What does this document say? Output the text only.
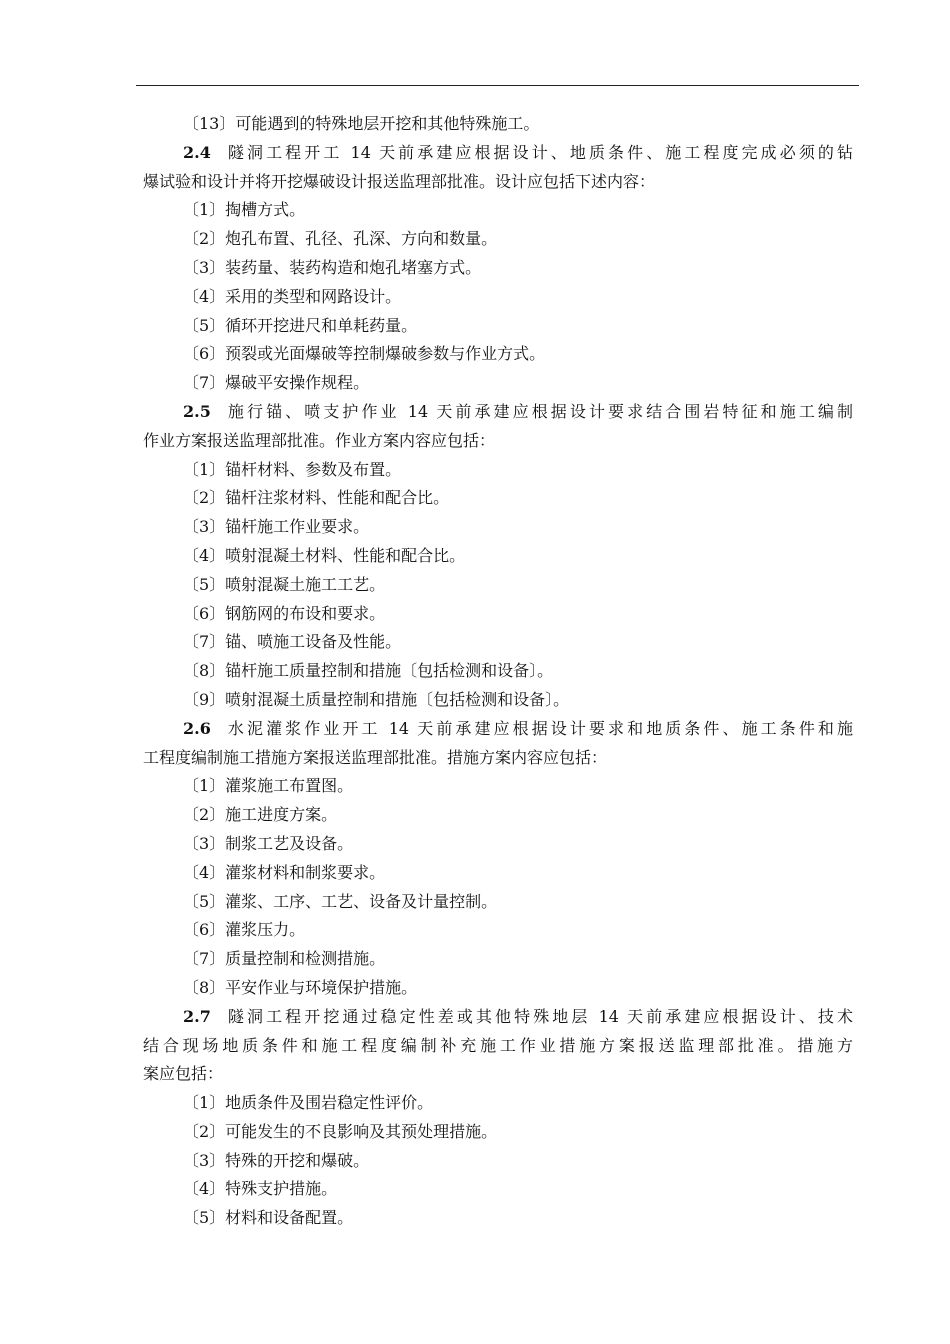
〔13〕可能遇到的特殊地层开挖和其他特殊施工。
2.4 隧洞工程开工 14 天前承建应根据设计、地质条件、施工程度完成必须的钻
爆试验和设计并将开挖爆破设计报送监理部批准。设计应包括下述内容：
〔1〕掏槽方式。
〔2〕炮孔布置、孔径、孔深、方向和数量。
〔3〕装药量、装药构造和炮孔堵塞方式。
〔4〕采用的类型和网路设计。
〔5〕循环开挖进尺和单耗药量。
〔6〕预裂或光面爆破等控制爆破参数与作业方式。
〔7〕爆破平安操作规程。
2.5 施行锚、喷支护作业 14 天前承建应根据设计要求结合围岩特征和施工编制
作业方案报送监理部批准。作业方案内容应包括：
〔1〕锚杆材料、参数及布置。
〔2〕锚杆注浆材料、性能和配合比。
〔3〕锚杆施工作业要求。
〔4〕喷射混凝土材料、性能和配合比。
〔5〕喷射混凝土施工工艺。
〔6〕钢筋网的布设和要求。
〔7〕锚、喷施工设备及性能。
〔8〕锚杆施工质量控制和措施〔包括检测和设备〕。
〔9〕喷射混凝土质量控制和措施〔包括检测和设备〕。
2.6 水泥灌浆作业开工 14 天前承建应根据设计要求和地质条件、施工条件和施
工程度编制施工措施方案报送监理部批准。措施方案内容应包括：
〔1〕灌浆施工布置图。
〔2〕施工进度方案。
〔3〕制浆工艺及设备。
〔4〕灌浆材料和制浆要求。
〔5〕灌浆、工序、工艺、设备及计量控制。
〔6〕灌浆压力。
〔7〕质量控制和检测措施。
〔8〕平安作业与环境保护措施。
2.7 隧洞工程开挖通过稳定性差或其他特殊地层 14 天前承建应根据设计、技术
结合现场地质条件和施工程度编制补充施工作业措施方案报送监理部批准。措施方
案应包括：
〔1〕地质条件及围岩稳定性评价。
〔2〕可能发生的不良影响及其预处理措施。
〔3〕特殊的开挖和爆破。
〔4〕特殊支护措施。
〔5〕材料和设备配置。
